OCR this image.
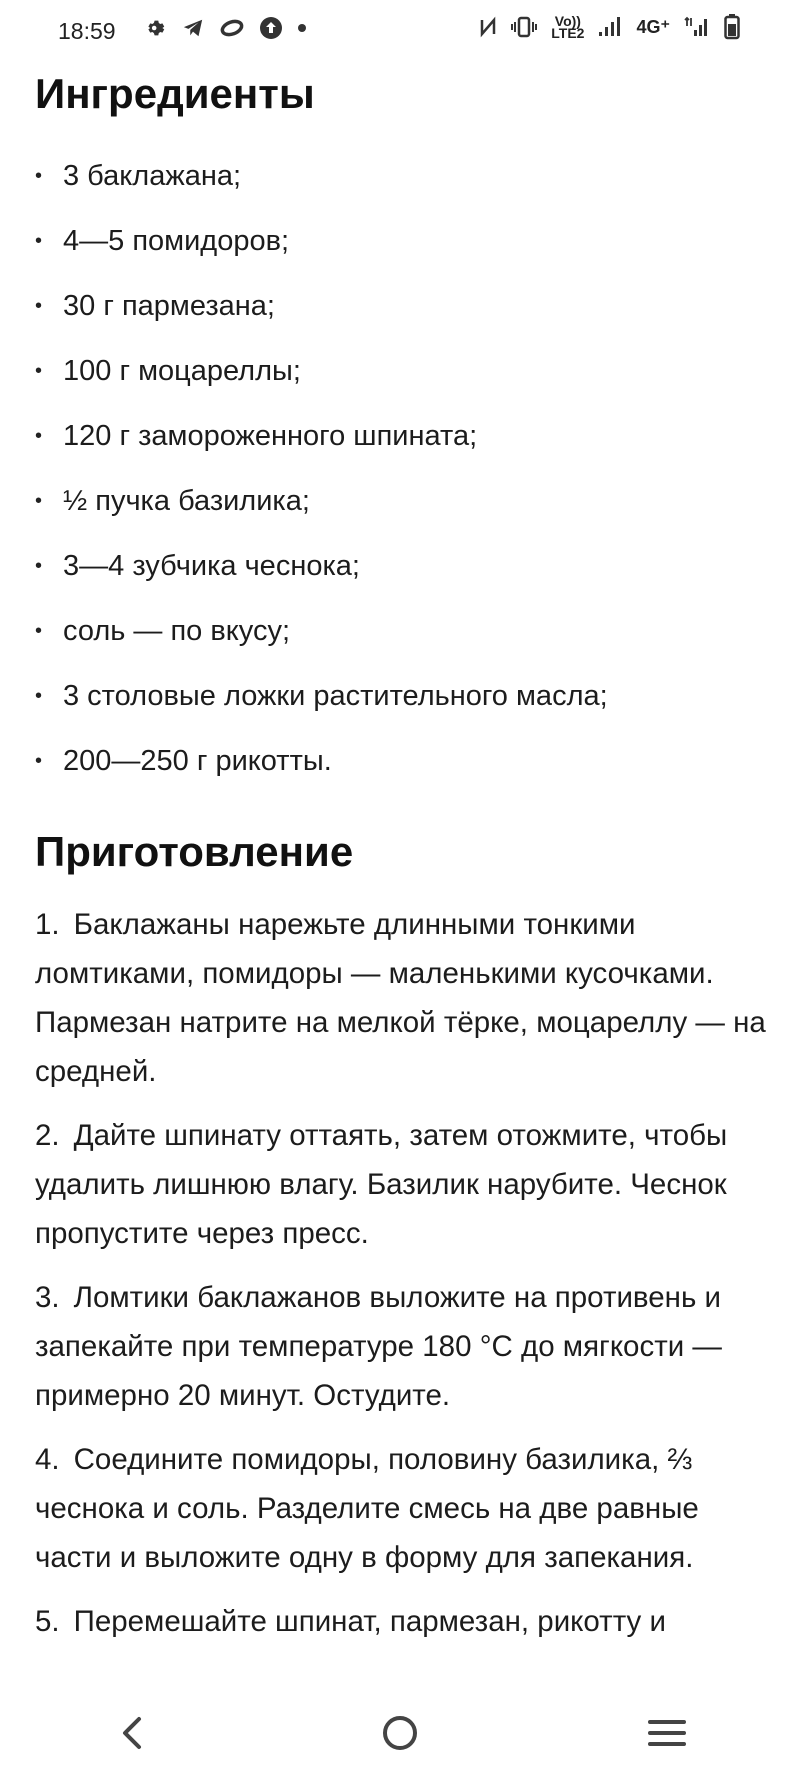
18:59	Vo))
LTE2	4G⁺
Ингредиенты
• 3 баклажана;
• 4—5 помидоров;
• 30 г пармезана;
• 100 г моцареллы;
• 120 г замороженного шпината;
• ½ пучка базилика;
• 3—4 зубчика чеснока;
• соль — по вкусу;
• 3 столовые ложки растительного масла;
• 200—250 г рикотты.
Приготовление
1. Баклажаны нарежьте длинными тонкими ломтиками, помидоры — маленькими кусочками. Пармезан натрите на мелкой тёрке, моцареллу — на средней.
2. Дайте шпинату оттаять, затем отожмите, чтобы удалить лишнюю влагу. Базилик нарубите. Чеснок пропустите через пресс.
3. Ломтики баклажанов выложите на противень и запекайте при температуре 180 °C до мягкости — примерно 20 минут. Остудите.
4. Соедините помидоры, половину базилика, ⅔ чеснока и соль. Разделите смесь на две равные части и выложите одну в форму для запекания.
5. Перемешайте шпинат, пармезан, рикотту и
